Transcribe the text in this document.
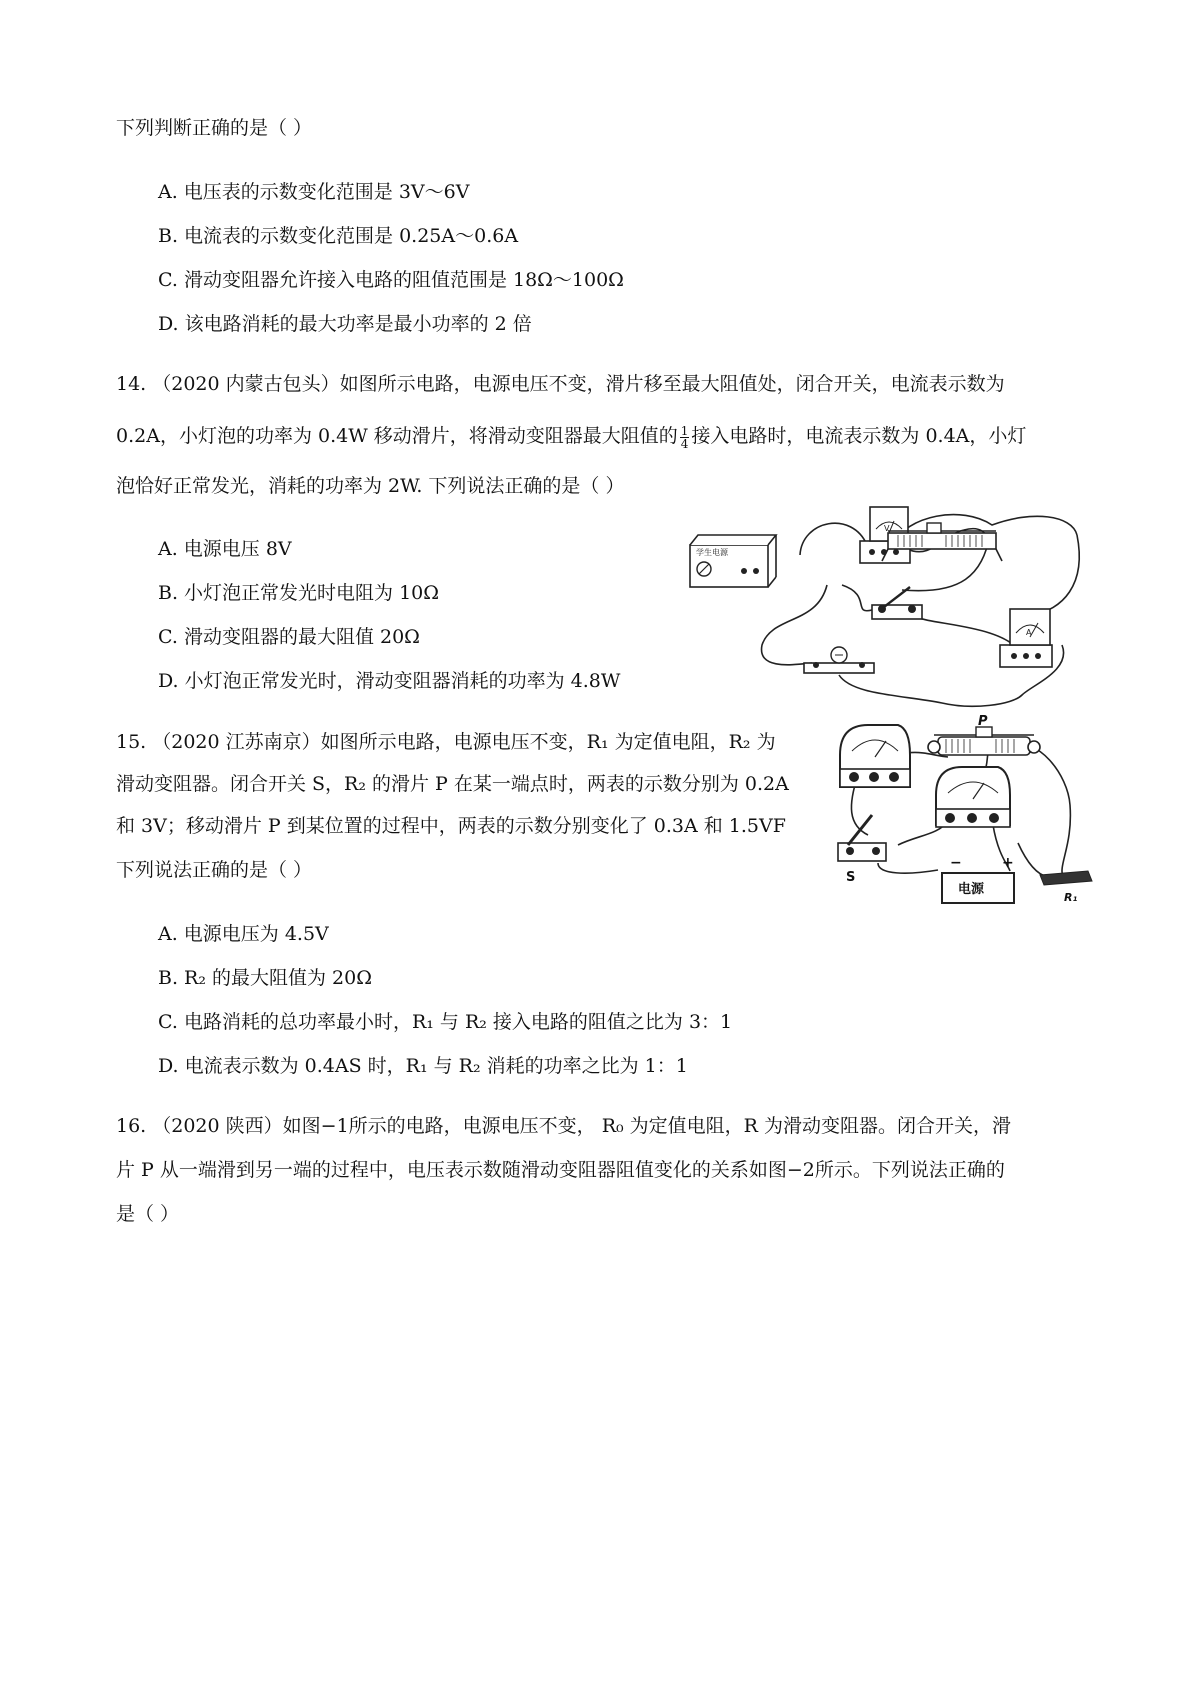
下列判断正确的是（ ）
A. 电压表的示数变化范围是 3V～6V
B. 电流表的示数变化范围是 0.25A～0.6A
C. 滑动变阻器允许接入电路的阻值范围是 18Ω～100Ω
D. 该电路消耗的最大功率是最小功率的 2 倍
14. （2020 内蒙古包头）如图所示电路，电源电压不变，滑片移至最大阻值处，闭合开关，电流表示数为
0.2A，小灯泡的功率为 0.4W 移动滑片，将滑动变阻器最大阻值的 $\frac{1}{4}$ 接入电路时，电流表示数为 0.4A，小灯
泡恰好正常发光，消耗的功率为 2W. 下列说法正确的是（ ）
A. 电源电压 8V
B. 小灯泡正常发光时电阻为 10Ω
C. 滑动变阻器的最大阻值 20Ω
D. 小灯泡正常发光时，滑动变阻器消耗的功率为 4.8W
V
学生电源
A
15. （2020 江苏南京）如图所示电路，电源电压不变，R₁ 为定值电阻，R₂ 为
滑动变阻器。闭合开关 S，R₂ 的滑片 P 在某一端点时，两表的示数分别为 0.2A
和 3V；移动滑片 P 到某位置的过程中，两表的示数分别变化了 0.3A 和 1.5VF
下列说法正确的是（ ）
A. 电源电压为 4.5V
B. R₂ 的最大阻值为 20Ω
C. 电路消耗的总功率最小时，R₁ 与 R₂ 接入电路的阻值之比为 3：1
D. 电流表示数为 0.4AS 时，R₁ 与 R₂ 消耗的功率之比为 1：1
P
S
电源
−	+
R₁
16. （2020 陕西）如图−1所示的电路，电源电压不变， R₀ 为定值电阻，R 为滑动变阻器。闭合开关，滑
片 P 从一端滑到另一端的过程中，电压表示数随滑动变阻器阻值变化的关系如图−2所示。下列说法正确的
是（ ）
